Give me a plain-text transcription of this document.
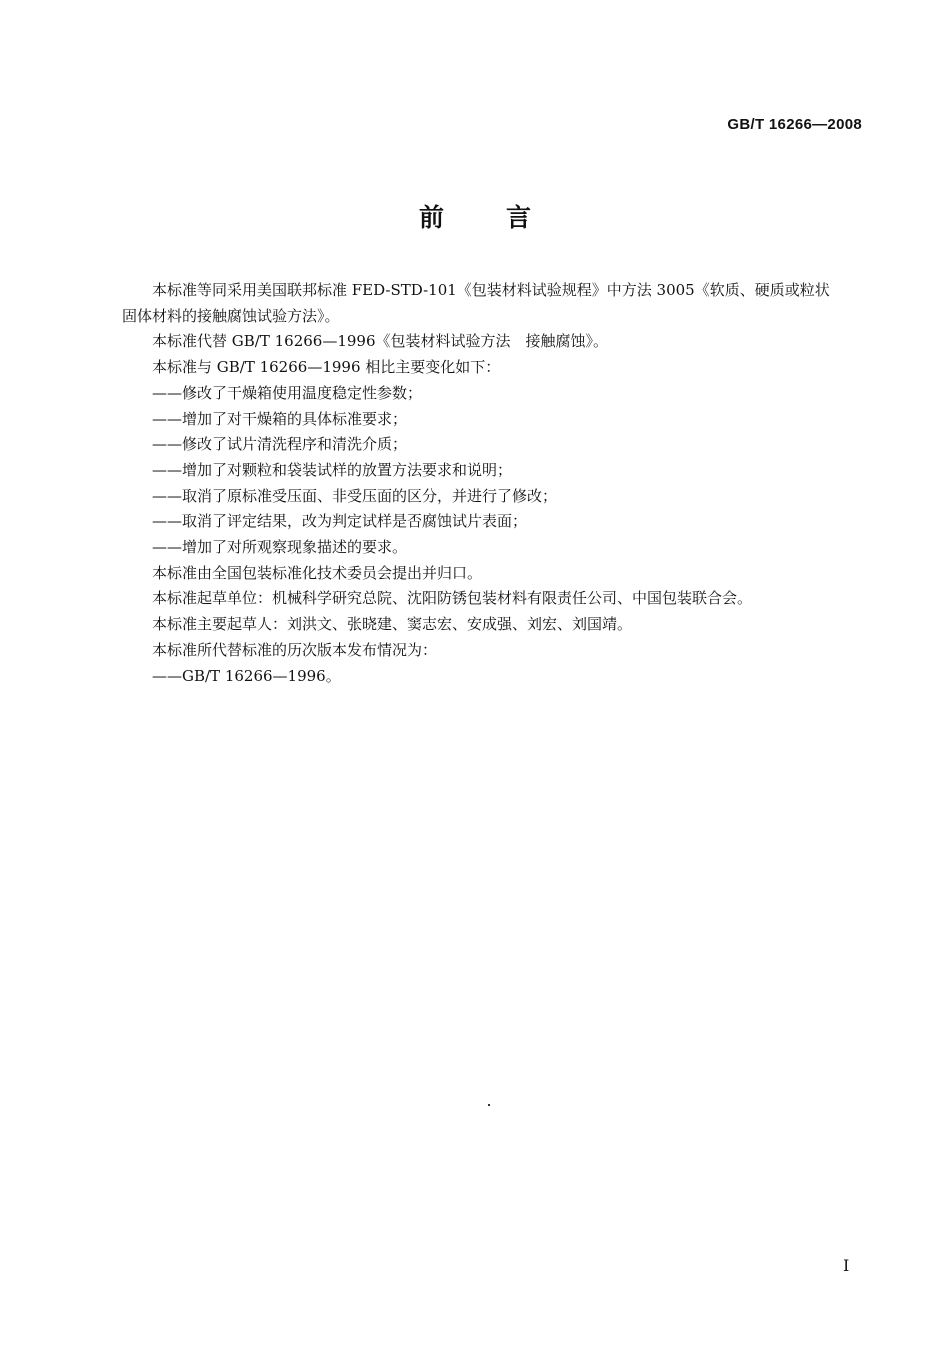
GB/T 16266—2008
前言

本标准等同采用美国联邦标准 FED-STD-101《包装材料试验规程》中方法 3005《软质、硬质或粒状

固体材料的接触腐蚀试验方法》。

本标准代替 GB/T 16266—1996《包装材料试验方法　接触腐蚀》。

本标准与 GB/T 16266—1996 相比主要变化如下：

——修改了干燥箱使用温度稳定性参数；

——增加了对干燥箱的具体标准要求；

——修改了试片清洗程序和清洗介质；

——增加了对颗粒和袋装试样的放置方法要求和说明；

——取消了原标准受压面、非受压面的区分，并进行了修改；

——取消了评定结果，改为判定试样是否腐蚀试片表面；

——增加了对所观察现象描述的要求。

本标准由全国包装标准化技术委员会提出并归口。

本标准起草单位：机械科学研究总院、沈阳防锈包装材料有限责任公司、中国包装联合会。

本标准主要起草人：刘洪文、张晓建、窦志宏、安成强、刘宏、刘国靖。

本标准所代替标准的历次版本发布情况为：

——GB/T 16266—1996。

I
